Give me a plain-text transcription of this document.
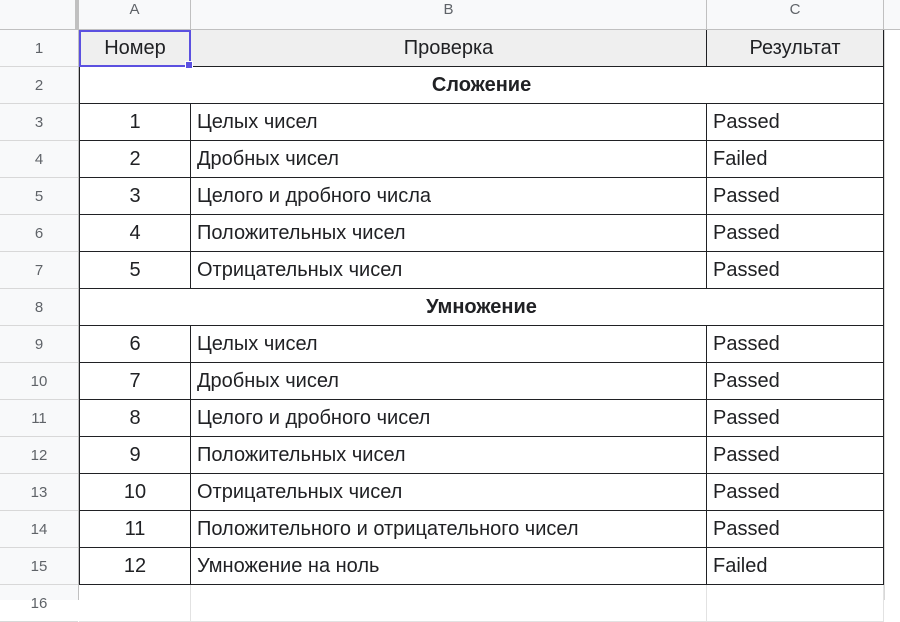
A	B	C
1
2
3
4
5
6
7
8
9
10
11
12
13
14
15
16
Номер	Проверка	Результат
Сложение
1	Целых чисел	Passed
2	Дробных чисел	Failed
3	Целого и дробного числа	Passed
4	Положительных чисел	Passed
5	Отрицательных чисел	Passed
Умножение
6	Целых чисел	Passed
7	Дробных чисел	Passed
8	Целого и дробного чисел	Passed
9	Положительных чисел	Passed
10	Отрицательных чисел	Passed
11	Положительного и отрицательного чисел	Passed
12	Умножение на ноль	Failed
